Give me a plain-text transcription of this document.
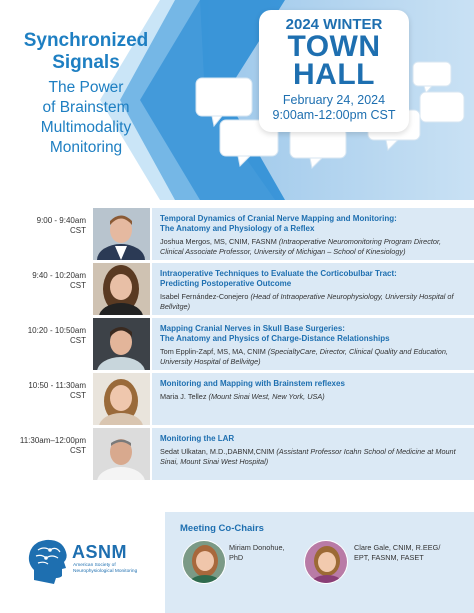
Synchronized
Signals
The Power
of Brainstem
Multimodality
Monitoring
2024 WINTER
TOWN
HALL
February 24, 2024
9:00am-12:00pm CST
9:00 - 9:40am
CST
Temporal Dynamics of Cranial Nerve Mapping and Monitoring:
The Anatomy and Physiology of a Reflex
Joshua Mergos, MS, CNIM, FASNM (Intraoperative Neuromonitoring Program Director, Clinical Associate Professor, University of Michigan – School of Kinesiology)
9:40 - 10:20am
CST
Intraoperative Techniques to Evaluate the Corticobulbar Tract:
Predicting Postoperative Outcome
Isabel Fernández-Conejero (Head of Intraoperative Neurophysiology, University Hospital of Bellvitge)
10:20 - 10:50am
CST
Mapping Cranial Nerves in Skull Base Surgeries:
The Anatomy and Physics of Charge-Distance Relationships
Tom Epplin-Zapf, MS, MA, CNIM (SpecialtyCare, Director, Clinical Quality and Education, University Hospital of Bellvitge)
10:50 - 11:30am
CST
Monitoring and Mapping with Brainstem reflexes
Maria J. Tellez (Mount Sinai West, New York, USA)
11:30am–12:00pm
CST
Monitoring the LAR
Sedat Ulkatan, M.D.,DABNM,CNIM (Assistant Professor Icahn School of Medicine at Mount Sinai, Mount Sinai West Hospital)
ASNM
American Society of
Neurophysiological Monitoring
Meeting Co-Chairs
Miriam Donohue,
PhD
Clare Gale, CNIM, R.EEG/
EPT, FASNM, FASET
